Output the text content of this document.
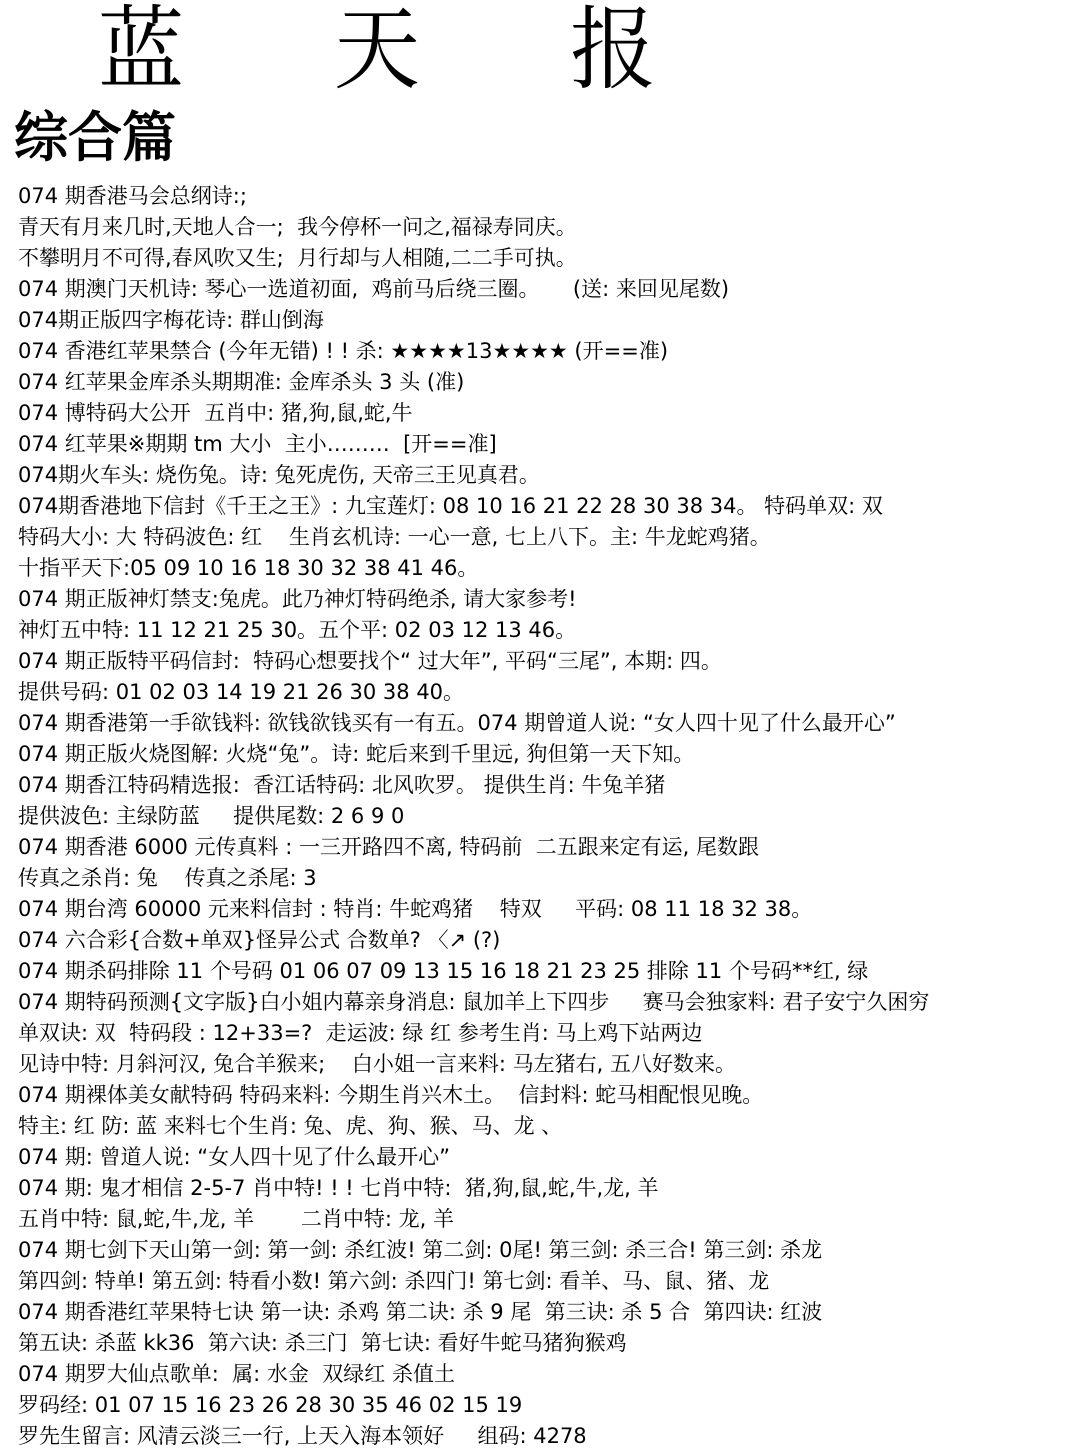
蓝 天 报
综合篇
074 期香港马会总纲诗:;
青天有月来几时,天地人合一;  我今停杯一问之,福禄寿同庆。
不攀明月不可得,春风吹又生;  月行却与人相随,二二手可执。
074 期澳门天机诗: 琴心一选道初面,  鸡前马后绕三圈。     (送: 来回见尾数)
074期正版四字梅花诗: 群山倒海
074 香港红苹果禁合 (今年无错) ! ! 杀: ★★★★13★★★★ (开==准)
074 红苹果金库杀头期期准: 金库杀头 3 头 (准)
074 博特码大公开  五肖中: 猪,狗,鼠,蛇,牛
074 红苹果※期期 tm 大小  主小………  [开==准]
074期火车头: 烧伤兔。诗: 兔死虎伤, 天帝三王见真君。
074期香港地下信封《千王之王》: 九宝莲灯: 08 10 16 21 22 28 30 38 34。 特码单双: 双
特码大小: 大 特码波色: 红    生肖玄机诗: 一心一意, 七上八下。主: 牛龙蛇鸡猪。
十指平天下:05 09 10 16 18 30 32 38 41 46。
074 期正版神灯禁支:兔虎。此乃神灯特码绝杀, 请大家参考!
神灯五中特: 11 12 21 25 30。五个平: 02 03 12 13 46。
074 期正版特平码信封:  特码心想要找个“ 过大年”, 平码“三尾”, 本期: 四。
提供号码: 01 02 03 14 19 21 26 30 38 40。
074 期香港第一手欲钱料: 欲钱欲钱买有一有五。074 期曾道人说: “女人四十见了什么最开心”
074 期正版火烧图解: 火烧“兔”。诗: 蛇后来到千里远, 狗但第一天下知。
074 期香江特码精选报:  香江话特码: 北风吹罗。 提供生肖: 牛兔羊猪
提供波色: 主绿防蓝     提供尾数: 2 6 9 0
074 期香港 6000 元传真料 : 一三开路四不离, 特码前  二五跟来定有运, 尾数跟
传真之杀肖: 兔    传真之杀尾: 3
074 期台湾 60000 元来料信封 : 特肖: 牛蛇鸡猪    特双     平码: 08 11 18 32 38。
074 六合彩{合数+单双}怪异公式 合数单? 〈↗ (?)
074 期杀码排除 11 个号码 01 06 07 09 13 15 16 18 21 23 25 排除 11 个号码**红, 绿
074 期特码预测{文字版}白小姐内幕亲身消息: 鼠加羊上下四步     赛马会独家料: 君子安宁久困穷
单双诀: 双  特码段 : 12+33=?  走运波: 绿 红 参考生肖: 马上鸡下站两边
见诗中特: 月斜河汉, 兔合羊猴来;    白小姐一言来料: 马左猪右, 五八好数来。
074 期裸体美女献特码 特码来料: 今期生肖兴木土。  信封料: 蛇马相配恨见晚。
特主: 红 防: 蓝 来料七个生肖: 兔、虎、狗、猴、马、龙 、
074 期: 曾道人说: “女人四十见了什么最开心”
074 期: 鬼才相信 2-5-7 肖中特! ! ! 七肖中特:  猪,狗,鼠,蛇,牛,龙, 羊
五肖中特: 鼠,蛇,牛,龙, 羊       二肖中特: 龙, 羊
074 期七剑下天山第一剑: 第一剑: 杀红波! 第二剑: 0尾! 第三剑: 杀三合! 第三剑: 杀龙
第四剑: 特单! 第五剑: 特看小数! 第六剑: 杀四门! 第七剑: 看羊、马、鼠、猪、龙
074 期香港红苹果特七诀 第一诀: 杀鸡 第二诀: 杀 9 尾  第三诀: 杀 5 合  第四诀: 红波
第五诀: 杀蓝 kk36  第六诀: 杀三门  第七诀: 看好牛蛇马猪狗猴鸡
074 期罗大仙点歌单:  属: 水金  双绿红 杀值土
罗码经: 01 07 15 16 23 26 28 30 35 46 02 15 19
罗先生留言: 风清云淡三一行, 上天入海本领好     组码: 4278
